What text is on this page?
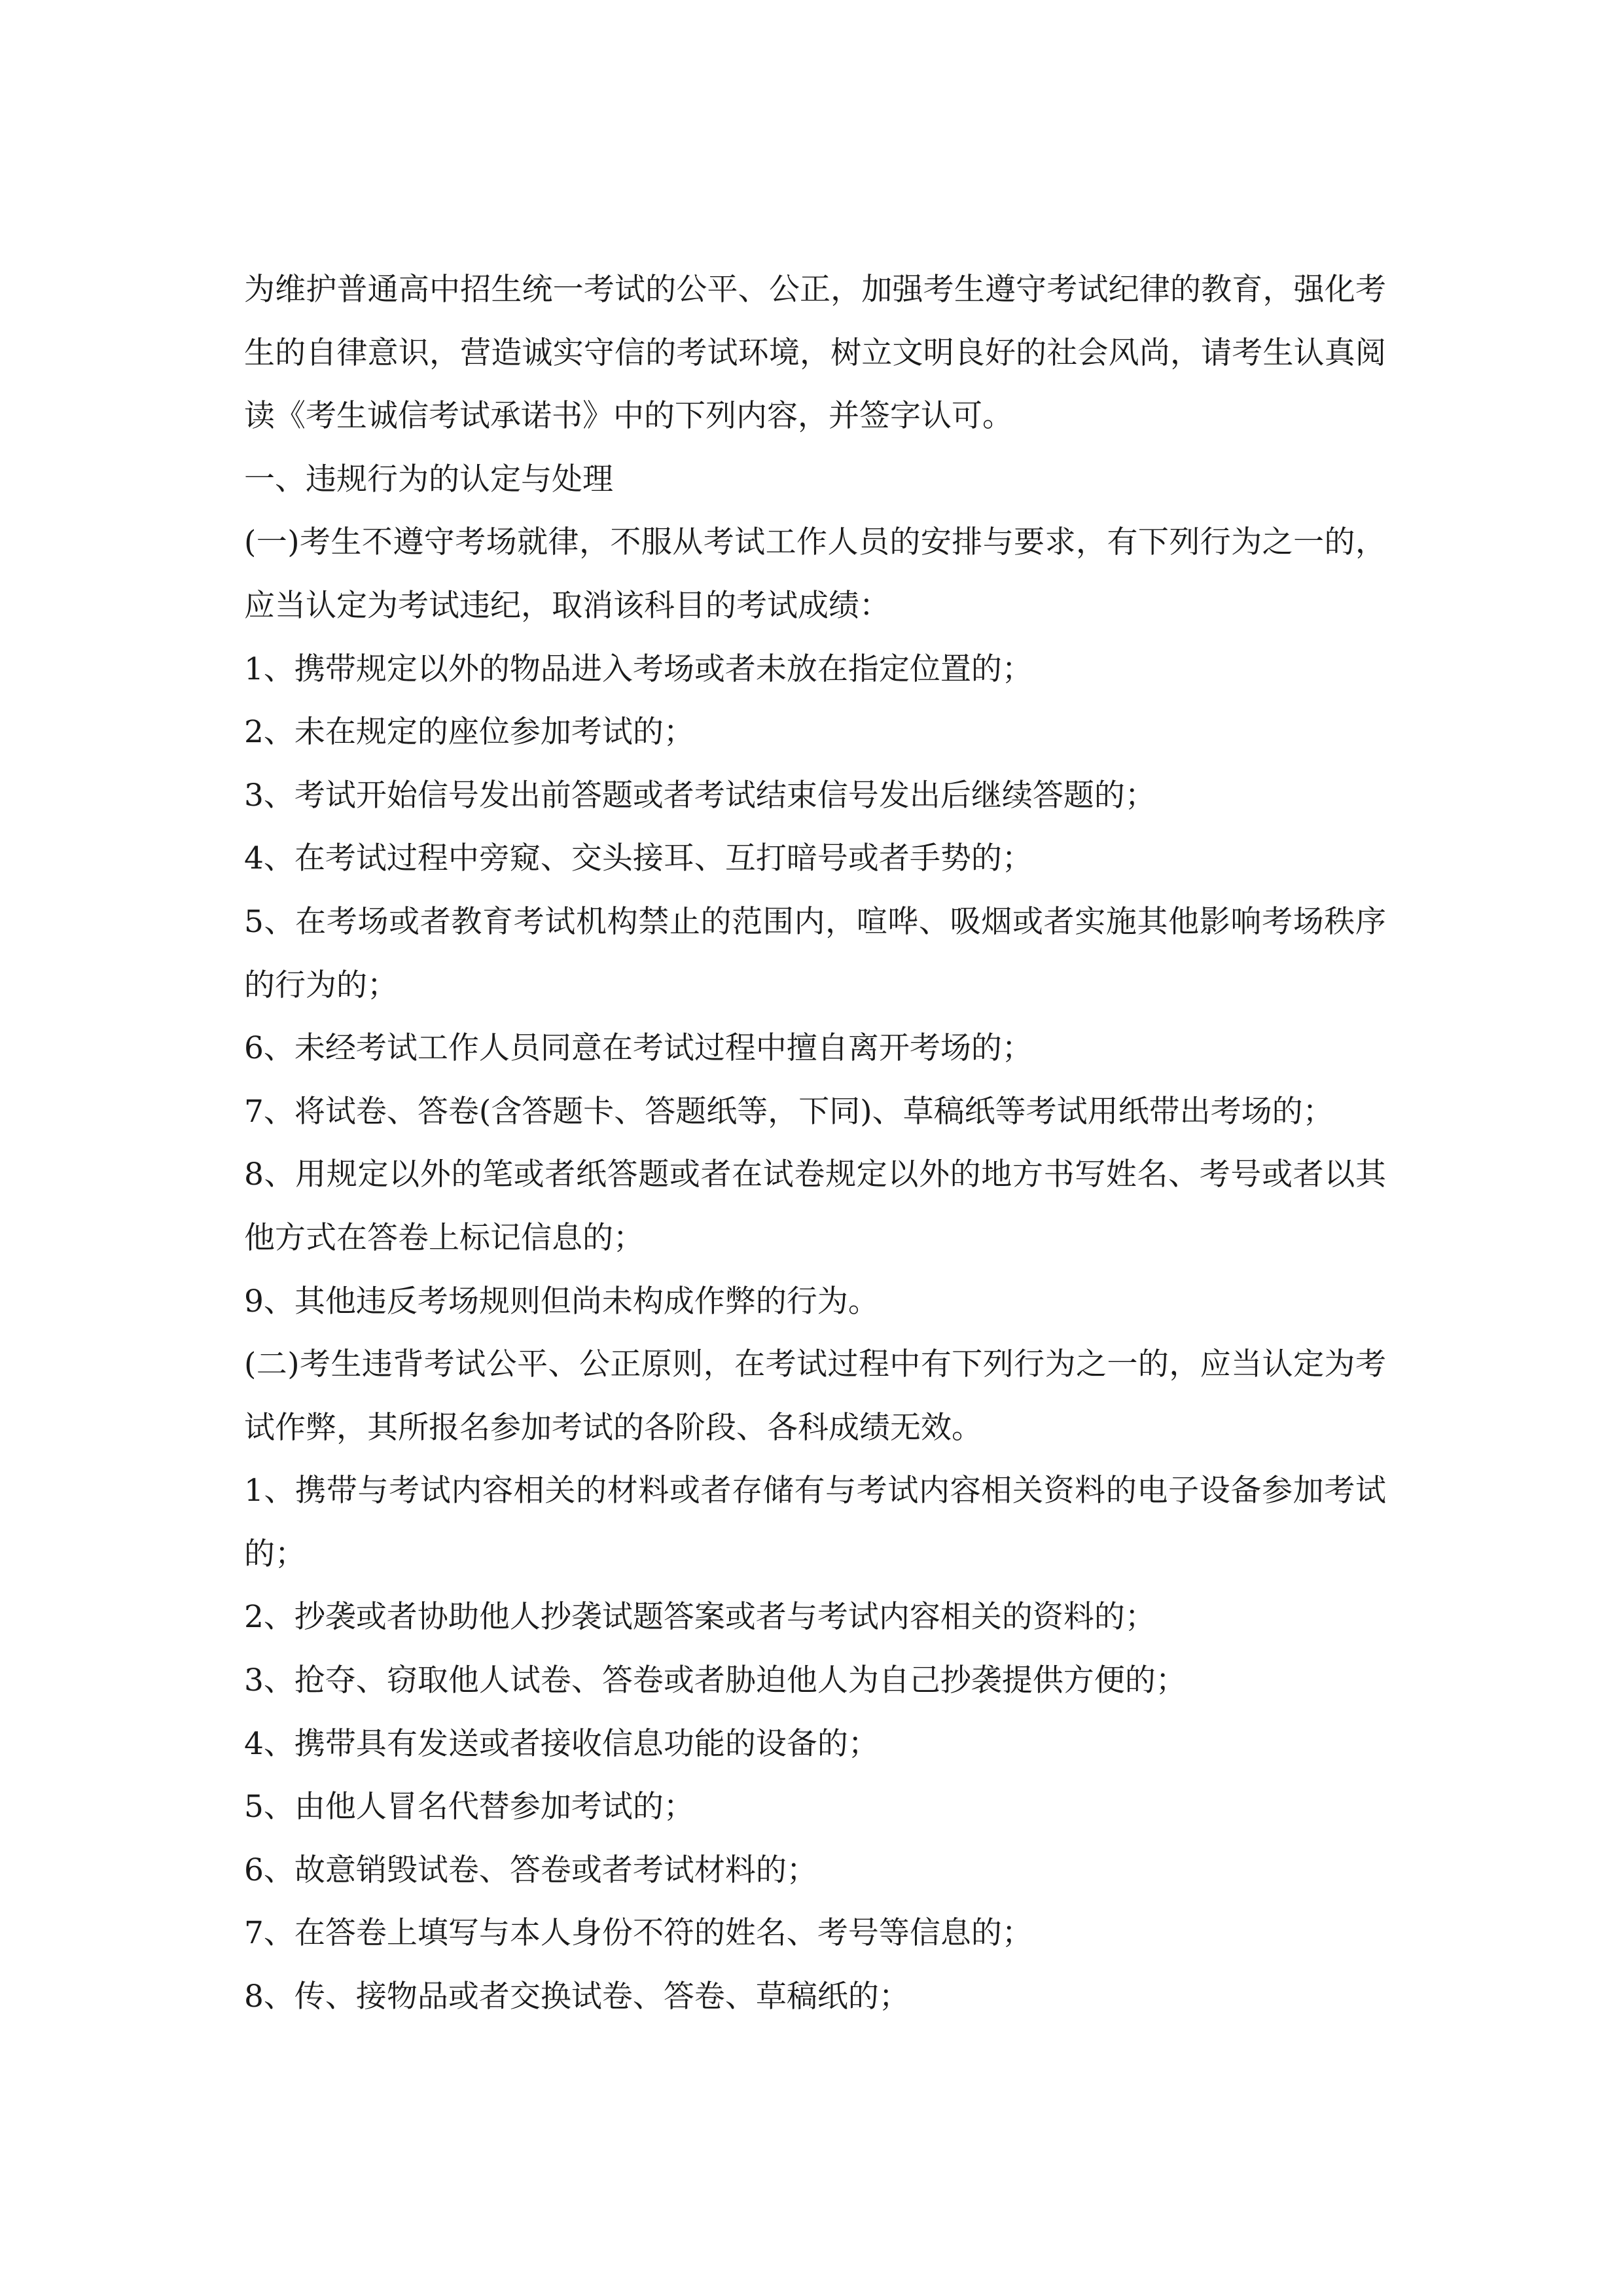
为维护普通高中招生统一考试的公平、公正，加强考生遵守考试纪律的教育，强化考生的自律意识，营造诚实守信的考试环境，树立文明良好的社会风尚，请考生认真阅读《考生诚信考试承诺书》中的下列内容，并签字认可。

一、违规行为的认定与处理

(一)考生不遵守考场就律，不服从考试工作人员的安排与要求，有下列行为之一的，应当认定为考试违纪，取消该科目的考试成绩：

1、携带规定以外的物品进入考场或者未放在指定位置的；

2、未在规定的座位参加考试的；

3、考试开始信号发出前答题或者考试结束信号发出后继续答题的；

4、在考试过程中旁窥、交头接耳、互打暗号或者手势的；

5、在考场或者教育考试机构禁止的范围内，喧哗、吸烟或者实施其他影响考场秩序的行为的；

6、未经考试工作人员同意在考试过程中擅自离开考场的；

7、将试卷、答卷(含答题卡、答题纸等，下同)、草稿纸等考试用纸带出考场的；

8、用规定以外的笔或者纸答题或者在试卷规定以外的地方书写姓名、考号或者以其他方式在答卷上标记信息的；

9、其他违反考场规则但尚未构成作弊的行为。

(二)考生违背考试公平、公正原则，在考试过程中有下列行为之一的，应当认定为考试作弊，其所报名参加考试的各阶段、各科成绩无效。

1、携带与考试内容相关的材料或者存储有与考试内容相关资料的电子设备参加考试的；

2、抄袭或者协助他人抄袭试题答案或者与考试内容相关的资料的；

3、抢夺、窃取他人试卷、答卷或者胁迫他人为自己抄袭提供方便的；

4、携带具有发送或者接收信息功能的设备的；

5、由他人冒名代替参加考试的；

6、故意销毁试卷、答卷或者考试材料的；

7、在答卷上填写与本人身份不符的姓名、考号等信息的；

8、传、接物品或者交换试卷、答卷、草稿纸的；
